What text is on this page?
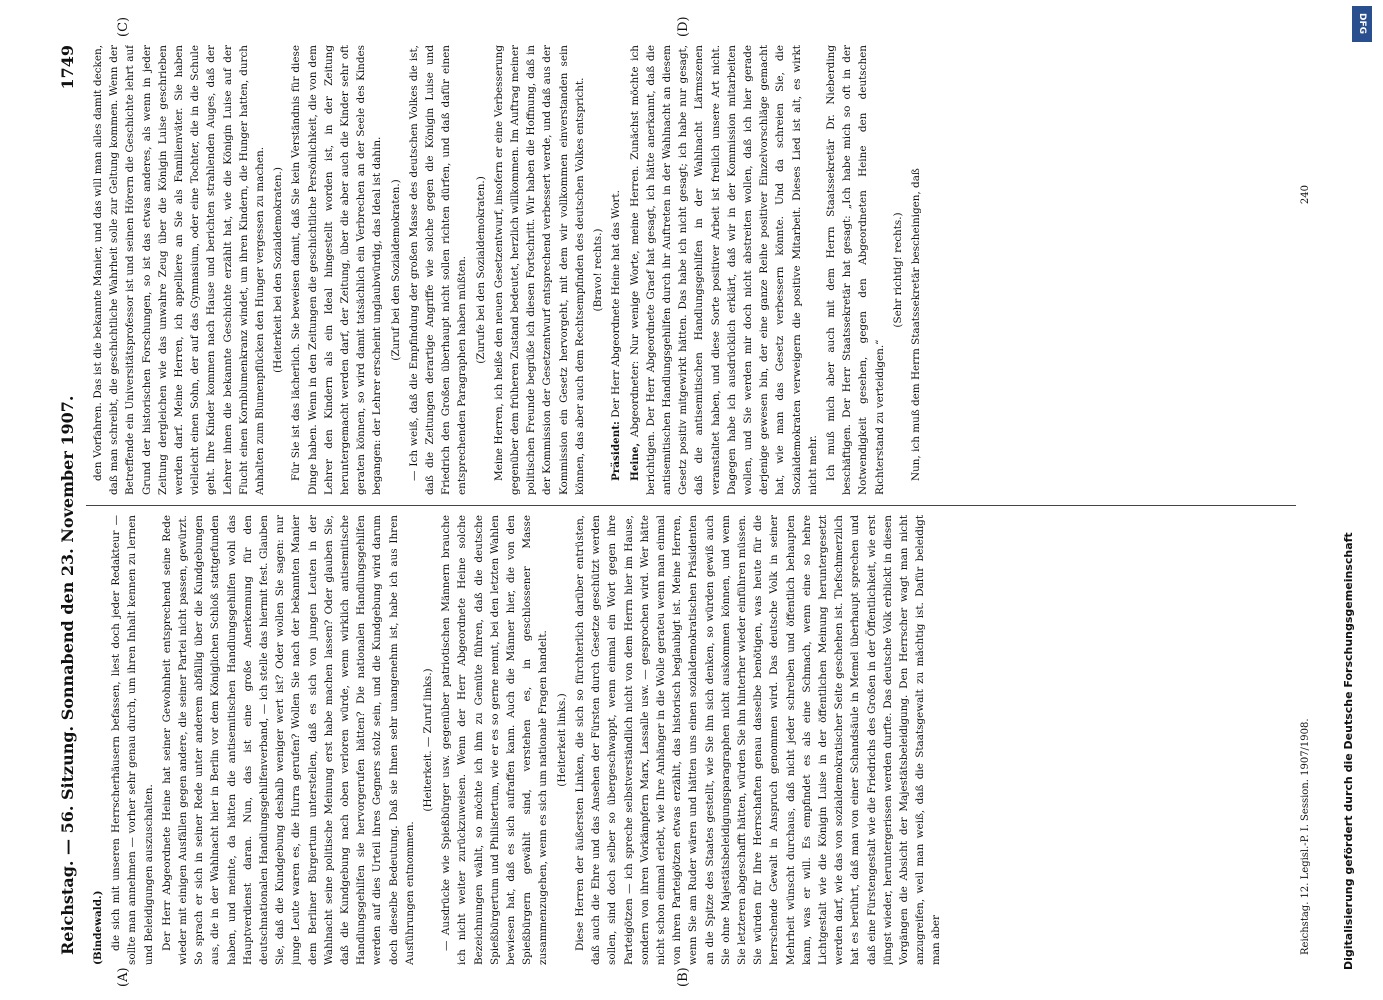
Reichstag. — 56. Sitzung. Sonnabend den 23. November 1907.
1749

(Bindewald.) die sich mit unseren Herrscherhäusern befassen, liest doch jeder Redakteur — sollte man annehmen — vorher sehr genau durch, um ihren Inhalt kennen zu lernen und Beleidigungen auszuschalten. Der Herr Abgeordnete Heine hat seiner Gewohnheit entsprechend seine Rede wieder mit einigen Ausfällen gegen andere, die seiner Partei nicht passen, gewürzt. So sprach er sich in seiner Rede unter anderem abfällig über die Kundgebungen aus, die in der Wahlnacht hier in Berlin vor dem Königlichen Schloß stattgefunden haben, und meinte, da hätten die antisemitischen Handlungsgehilfen wohl das Hauptverdienst daran. Nun, das ist eine große Anerkennung für den deutschnationalen Handlungsgehilfenverband, — ich stelle das hiermit fest. Glauben Sie, daß die Kundgebung deshalb weniger wert ist? Oder wollen Sie sagen: nur junge Leute waren es, die Hurra gerufen? Wollen Sie nach der bekannten Manier dem Berliner Bürgertum unterstellen, daß es sich von jungen Leuten in der Wahlnacht seine politische Meinung erst habe machen lassen? Oder glauben Sie, daß die Kundgebung nach oben verloren würde, wenn wirklich antisemitische Handlungsgehilfen sie hervorgerufen hätten? Die nationalen Handlungsgehilfen werden auf dies Urteil ihres Gegners stolz sein, und die Kundgebung wird darum doch dieselbe Bedeutung. Daß sie Ihnen sehr unangenehm ist, habe ich aus Ihren Ausführungen entnommen.

(Heiterkeit. — Zuruf links.) — Ausdrücke wie Spießbürger usw. gegenüber patriotischen Männern brauche ich nicht weiter zurückzuweisen. Wenn der Herr Abgeordnete Heine solche Bezeichnungen wählt, so möchte ich ihm zu Gemüte führen, daß die deutsche Spießbürgertum und Philistertum, wie er es so gerne nennt, bei den letzten Wahlen bewiesen hat, daß es sich aufraffen kann. Auch die Männer hier, die von den Spießbürgern gewählt sind, verstehen es, in geschlossener Masse zusammenzugehen, wenn es sich um nationale Fragen handelt. (Heiterkeit links.) Diese Herren der äußersten Linken, die sich so fürchterlich darüber entrüsten, daß auch die Ehre und das Ansehen der Fürsten durch Gesetze geschützt werden sollen, sind doch selber so übergeschwappt, wenn einmal ein Wort gegen ihre Parteigötzen — ich spreche selbstverständlich nicht von dem Herrn hier im Hause, sondern von ihren Vorkämpfern Marx, Lassalle usw. — gesprochen wird. Wer hätte nicht schon einmal erlebt, wie Ihre Anhänger in die Wolle gerateu wenn man einmal von ihren Parteigötzen etwas erzählt, das historisch beglaubigt ist. Meine Herren, wenn Sie am Ruder wären und hätten uns einen sozialdemokratischen Präsidenten an die Spitze des Staates gestellt, wie Sie ihn sich denken, so würden gewiß auch Sie ohne Majestätsbeleidigungsparagraphen nicht auskommen können, und wenn Sie letzteren abgeschafft hätten, würden Sie ihn hinterher wieder einführen müssen. Sie würden für Ihre Herrschaften genau dasselbe benötigen, was heute für die herrschende Gewalt in Anspruch genommen wird. Das deutsche Volk in seiner Mehrheit wünscht durchaus, daß nicht jeder schreiben und öffentlich behaupten kann, was er will. Es empfindet es als eine Schmach, wenn eine so hehre Lichtgestalt wie die Königin Luise in der öffentlichen Meinung heruntergesetzt werden darf, wie das von sozialdemokratischer Seite geschehen ist. Tiefschmerzlich hat es berührt, daß man von einer Schandsäule in Memel überhaupt sprechen und daß eine Fürstengestalt wie die Friedrichs des Großen in der Öffentlichkeit, wie erst jüngst wieder, heruntergerissen werden durfte. Das deutsche Volk erblickt in diesen Vorgängen die Absicht der Majestätsbeleidigung. Den Herrscher wagt man nicht anzugreifen, weil man weiß, daß die Staatsgewalt zu mächtig ist. Dafür beleidigt man aber

den Vorfahren. Das ist die bekannte Manier, und das will man alles damit decken, daß man schreibt, die geschichtliche Wahrheit solle zur Geltung kommen. Wenn der Betreffende ein Universitätsprofessor ist und seinen Hörern die Geschichte lehrt auf Grund der historischen Forschungen, so ist das etwas anderes, als wenn in jeder Zeitung dergleichen wie das unwahre Zeug über die Königin Luise geschrieben werden darf. Meine Herren, ich appelliere an Sie als Familienväter. Sie haben vielleicht einen Sohn, der auf das Gymnasium, oder eine Tochter, die in die Schule geht. Ihre Kinder kommen nach Hause und berichten strahlenden Auges, daß der Lehrer ihnen die bekannte Geschichte erzählt hat, wie die Königin Luise auf der Flucht einen Kornblumenkranz windet, um ihren Kindern, die Hunger hatten, durch Anhalten zum Blumenpflücken den Hunger vergessen zu machen. (Heiterkeit bei den Sozialdemokraten.) Für Sie ist das lächerlich. Sie beweisen damit, daß Sie kein Verständnis für diese Dinge haben. Wenn in den Zeitungen die geschichtliche Persönlichkeit, die von dem Lehrer den Kindern als ein Ideal hingestellt worden ist, in der Zeitung heruntergemacht werden darf, der Zeitung, über die aber auch die Kinder sehr oft geraten können, so wird damit tatsächlich ein Verbrechen an der Seele des Kindes begangen: der Lehrer erscheint unglaubwürdig, das Ideal ist dahin. (Zuruf bei den Sozialdemokraten.) — Ich weiß, daß die Empfindung der großen Masse des deutschen Volkes die ist, daß die Zeitungen derartige Angriffe wie solche gegen die Königin Luise und Friedrich den Großen überhaupt nicht sollen richten dürfen, und daß dafür einen entsprechenden Paragraphen haben müßten. (Zurufe bei den Sozialdemokraten.) Meine Herren, ich heiße den neuen Gesetzentwurf, insofern er eine Verbesserung gegenüber dem früheren Zustand bedeutet, herzlich willkommen. Im Auftrag meiner politischen Freunde begrüße ich diesen Fortschritt. Wir haben die Hoffnung, daß in der Kommission der Gesetzentwurf entsprechend verbessert werde, und daß aus der Kommission ein Gesetz hervorgeht, mit dem wir vollkommen einverstanden sein können, das aber auch dem Rechtsempfinden des deutschen Volkes entspricht. (Bravo! rechts.)

Präsident: Der Herr Abgeordnete Heine hat das Wort.

Heine, Abgeordneter: Nur wenige Worte, meine Herren. Zunächst möchte ich berichtigen. Der Herr Abgeordnete Graef hat gesagt, ich hätte anerkannt, daß die antisemitischen Handlungsgehilfen durch ihr Auftreten in der Wahlnacht an diesem Gesetz positiv mitgewirkt hätten. Das habe ich nicht gesagt; ich habe nur gesagt, daß die antisemitischen Handlungsgehilfen in der Wahlnacht Lärmszenen veranstaltet haben, und diese Sorte positiver Arbeit ist freilich unsere Art nicht. Dagegen habe ich ausdrücklich erklärt, daß wir in der Kommission mitarbeiten wollen, und Sie werden mir doch nicht abstreiten wollen, daß ich hier gerade derjenige gewesen bin, der eine ganze Reihe positiver Einzelvorschläge gemacht hat, wie man das Gesetz verbessern könnte. Und da schreien Sie, die Sozialdemokraten verweigern die positive Mitarbeit. Dieses Lied ist alt, es wirkt nicht mehr. Ich muß mich aber auch mit dem Herrn Staatssekretär Dr. Nieberding beschäftigen. Der Herr Staatssekretär hat gesagt: „Ich habe mich so oft in der Notwendigkeit gesehen, gegen den Abgeordneten Heine den deutschen Richterstand zu verteidigen.“

(Sehr richtig! rechts.) Nun, ich muß dem Herrn Staatssekretär bescheinigen, daß

(A)	(B)
(C)	(D)
Reichstag. 12. Legisl.-P. I. Session. 1907/1908.
240
DFG
Digitalisierung gefördert durch die Deutsche Forschungsgemeinschaft
